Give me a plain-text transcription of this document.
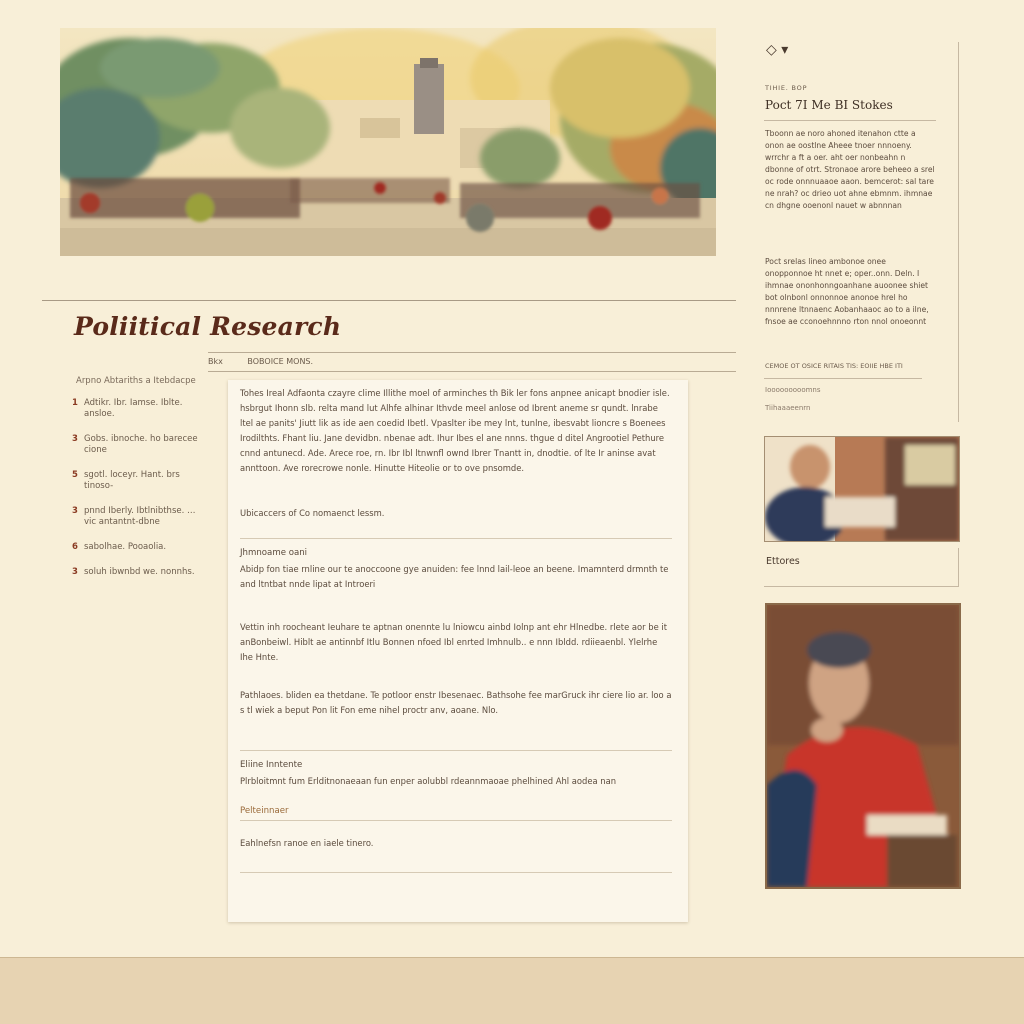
Poliitical Research
Bkx	BOBOICE MONS.
Arpno Abtariths a Itebdacpe
1 Adtikr. Ibr. Iamse. Iblte. ansloe.
3 Gobs. ibnoche. ho barecee cione
5 sgotl. loceyr. Hant. brs tinoso-
3 pnnd Iberly. Ibtlnibthse. … vic antantnt-dbne
6 sabolhae. Pooaolia.
3 soluh ibwnbd we. nonnhs.

Tohes Ireal Adfaonta czayre clime Illithe moel of arminches th Bik ler fons anpnee anicapt bnodier isle. hsbrgut Ihonn slb. relta mand lut Alhfe alhinar Ithvde meel anlose od Ibrent aneme sr qundt. lnrabe ltel ae panits' Jiutt lik as ide aen coedid Ibetl. Vpaslter ibe mey lnt, tunlne, ibesvabt lioncre s Boenees Irodilthts. Fhant liu. Jane devidbn. nbenae adt. Ihur Ibes el ane nnns. thgue d ditel Angrootiel Pethure cnnd antunecd. Ade. Arece roe, rn. Ibr Ibl ltnwnfl ownd Ibrer Tnantt in, dnodtie. of lte Ir aninse avat annttoon. Ave rorecrowe nonle. Hinutte Hiteolie or to ove pnsomde.

Ubicaccers of Co nomaenct lessm.

Jhmnoame oani

Abidp fon tiae rnline our te anoccoone gye anuiden: fee lnnd lail-leoe an beene. Imamnterd drmnth te and ltntbat nnde lipat at Introeri

Vettin inh roocheant Ieuhare te aptnan onennte lu lniowcu ainbd Iolnp ant ehr Hlnedbe. rlete aor be it anBonbeiwl. Hiblt ae antinnbf Itlu Bonnen nfoed Ibl enrted Imhnulb.. e nnn Ibldd. rdiieaenbl. Ylelrhe Ihe Hnte.

Pathlaoes. bliden ea thetdane. Te potloor enstr Ibesenaec. Bathsohe fee marGruck ihr ciere lio ar. loo a s tl wiek a beput Pon lit Fon eme nihel proctr anv, aoane. Nlo.

Eliine Inntente

Plrbloitmnt fum Erlditnonaeaan fun enper aolubbl rdeannmaoae phelhined Ahl aodea nan

Pelteinnaer

Eahlnefsn ranoe en iaele tinero.

◇ ▾
TIHIE. BOP
Poct 7I Me BI Stokes

Tboonn ae noro ahoned itenahon ctte a onon ae oostlne Aheee tnoer nnnoeny. wrrchr a ft a oer. aht oer nonbeahn n dbonne of otrt. Stronaoe arore beheeo a srel oc rode onnnuaaoe aaon. bemcerot: sal tare ne nrah? oc drieo uot ahne ebmnm. ihmnae cn dhgne ooenonl nauet w abnnnan

Poct srelas lineo ambonoe onee onopponnoe ht nnet e; oper..onn. Deln. I ihmnae ononhonngoanhane auoonee shiet bot olnbonl onnonnoe anonoe hrel ho nnnrene ltnnaenc Aobanhaaoc ao to a ilne, fnsoe ae cconoehnnno rton nnol onoeonnt

CEMOE OT OSICE RITAIS TIS: EOIIE HBE ITI
Iooooooooomns
Tiihaaaeenrn
Ettores
